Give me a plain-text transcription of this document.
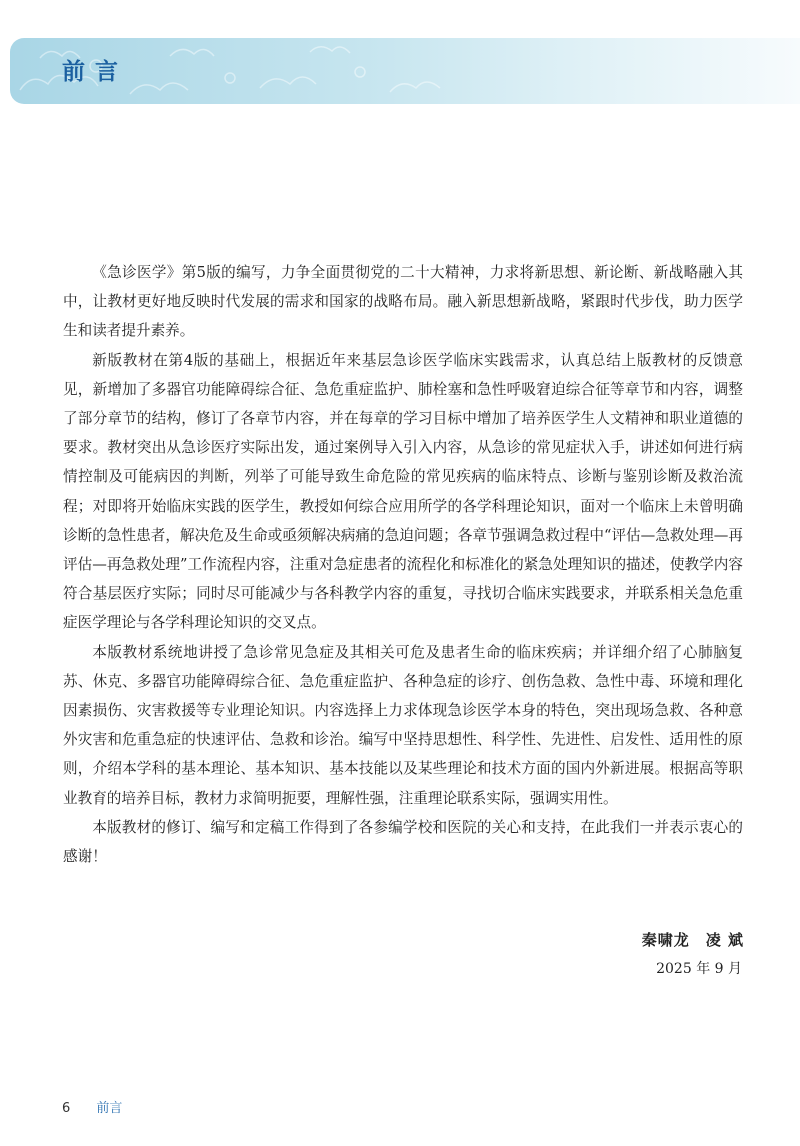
前言

《急诊医学》第5版的编写，力争全面贯彻党的二十大精神，力求将新思想、新论断、新战略融入其中，让教材更好地反映时代发展的需求和国家的战略布局。融入新思想新战略，紧跟时代步伐，助力医学生和读者提升素养。

新版教材在第4版的基础上，根据近年来基层急诊医学临床实践需求，认真总结上版教材的反馈意见，新增加了多器官功能障碍综合征、急危重症监护、肺栓塞和急性呼吸窘迫综合征等章节和内容，调整了部分章节的结构，修订了各章节内容，并在每章的学习目标中增加了培养医学生人文精神和职业道德的要求。教材突出从急诊医疗实际出发，通过案例导入引入内容，从急诊的常见症状入手，讲述如何进行病情控制及可能病因的判断，列举了可能导致生命危险的常见疾病的临床特点、诊断与鉴别诊断及救治流程；对即将开始临床实践的医学生，教授如何综合应用所学的各学科理论知识，面对一个临床上未曾明确诊断的急性患者，解决危及生命或亟须解决病痛的急迫问题；各章节强调急救过程中“评估—急救处理—再评估—再急救处理”工作流程内容，注重对急症患者的流程化和标准化的紧急处理知识的描述，使教学内容符合基层医疗实际；同时尽可能减少与各科教学内容的重复，寻找切合临床实践要求，并联系相关急危重症医学理论与各学科理论知识的交叉点。

本版教材系统地讲授了急诊常见急症及其相关可危及患者生命的临床疾病；并详细介绍了心肺脑复苏、休克、多器官功能障碍综合征、急危重症监护、各种急症的诊疗、创伤急救、急性中毒、环境和理化因素损伤、灾害救援等专业理论知识。内容选择上力求体现急诊医学本身的特色，突出现场急救、各种意外灾害和危重急症的快速评估、急救和诊治。编写中坚持思想性、科学性、先进性、启发性、适用性的原则，介绍本学科的基本理论、基本知识、基本技能以及某些理论和技术方面的国内外新进展。根据高等职业教育的培养目标，教材力求简明扼要，理解性强，注重理论联系实际，强调实用性。

本版教材的修订、编写和定稿工作得到了各参编学校和医院的关心和支持，在此我们一并表示衷心的感谢！

秦啸龙　凌 斌
2025 年 9 月
6 前言
